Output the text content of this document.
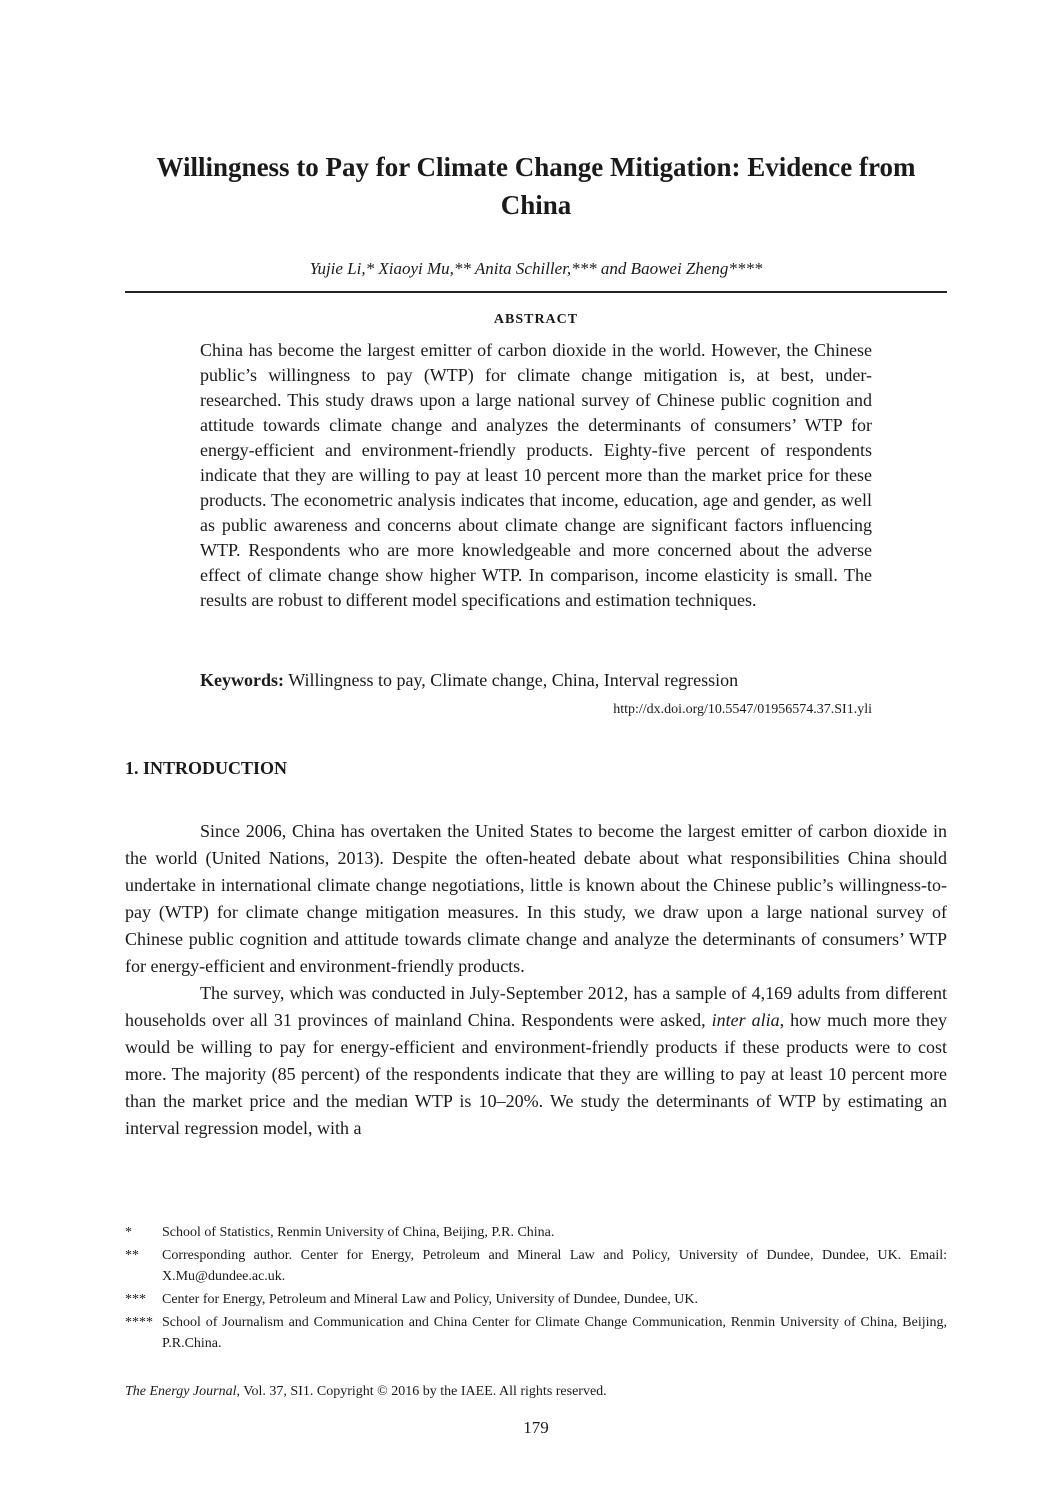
Willingness to Pay for Climate Change Mitigation: Evidence from China
Yujie Li,* Xiaoyi Mu,** Anita Schiller,*** and Baowei Zheng****
ABSTRACT

China has become the largest emitter of carbon dioxide in the world. However, the Chinese public’s willingness to pay (WTP) for climate change mitigation is, at best, under-researched. This study draws upon a large national survey of Chinese public cognition and attitude towards climate change and analyzes the determinants of consumers’ WTP for energy-efficient and environment-friendly products. Eighty-five percent of respondents indicate that they are willing to pay at least 10 percent more than the market price for these products. The econometric analysis indicates that income, education, age and gender, as well as public awareness and concerns about climate change are significant factors influencing WTP. Respondents who are more knowledgeable and more concerned about the adverse effect of climate change show higher WTP. In comparison, income elasticity is small. The results are robust to different model specifications and estimation techniques.

Keywords: Willingness to pay, Climate change, China, Interval regression
http://dx.doi.org/10.5547/01956574.37.SI1.yli
1. INTRODUCTION

Since 2006, China has overtaken the United States to become the largest emitter of carbon dioxide in the world (United Nations, 2013). Despite the often-heated debate about what responsibilities China should undertake in international climate change negotiations, little is known about the Chinese public’s willingness-to-pay (WTP) for climate change mitigation measures. In this study, we draw upon a large national survey of Chinese public cognition and attitude towards climate change and analyze the determinants of consumers’ WTP for energy-efficient and environment-friendly products.

The survey, which was conducted in July-September 2012, has a sample of 4,169 adults from different households over all 31 provinces of mainland China. Respondents were asked, inter alia, how much more they would be willing to pay for energy-efficient and environment-friendly products if these products were to cost more. The majority (85 percent) of the respondents indicate that they are willing to pay at least 10 percent more than the market price and the median WTP is 10–20%. We study the determinants of WTP by estimating an interval regression model, with a

*	School of Statistics, Renmin University of China, Beijing, P.R. China.
**	Corresponding author. Center for Energy, Petroleum and Mineral Law and Policy, University of Dundee, Dundee, UK. Email: X.Mu@dundee.ac.uk.
***	Center for Energy, Petroleum and Mineral Law and Policy, University of Dundee, Dundee, UK.
**** School of Journalism and Communication and China Center for Climate Change Communication, Renmin University of China, Beijing, P.R.China.
The Energy Journal, Vol. 37, SI1. Copyright © 2016 by the IAEE. All rights reserved.
179
